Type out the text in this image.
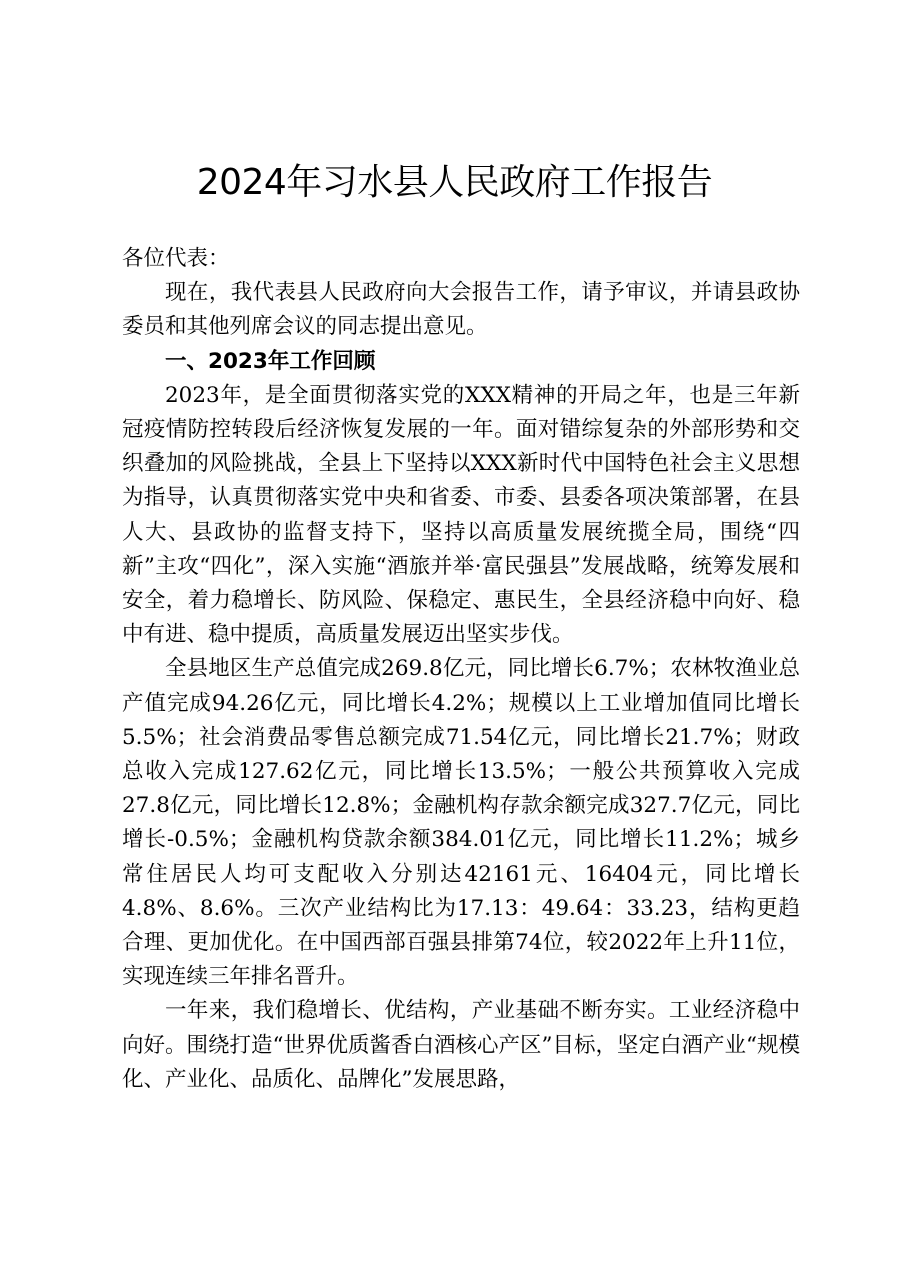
2024年习水县人民政府工作报告

各位代表：

现在，我代表县人民政府向大会报告工作，请予审议，并请县政协委员和其他列席会议的同志提出意见。

一、2023年工作回顾

2023年，是全面贯彻落实党的XXX精神的开局之年，也是三年新冠疫情防控转段后经济恢复发展的一年。面对错综复杂的外部形势和交织叠加的风险挑战，全县上下坚持以XXX新时代中国特色社会主义思想为指导，认真贯彻落实党中央和省委、市委、县委各项决策部署，在县人大、县政协的监督支持下，坚持以高质量发展统揽全局，围绕“四新”主攻“四化”，深入实施“酒旅并举·富民强县”发展战略，统筹发展和安全，着力稳增长、防风险、保稳定、惠民生，全县经济稳中向好、稳中有进、稳中提质，高质量发展迈出坚实步伐。

全县地区生产总值完成269.8亿元，同比增长6.7%；农林牧渔业总产值完成94.26亿元，同比增长4.2%；规模以上工业增加值同比增长5.5%；社会消费品零售总额完成71.54亿元，同比增长21.7%；财政总收入完成127.62亿元，同比增长13.5%；一般公共预算收入完成27.8亿元，同比增长12.8%；金融机构存款余额完成327.7亿元，同比增长-0.5%；金融机构贷款余额384.01亿元，同比增长11.2%；城乡常住居民人均可支配收入分别达42161元、16404元，同比增长4.8%、8.6%。三次产业结构比为17.13：49.64：33.23，结构更趋合理、更加优化。在中国西部百强县排第74位，较2022年上升11位，实现连续三年排名晋升。

一年来，我们稳增长、优结构，产业基础不断夯实。工业经济稳中向好。围绕打造“世界优质酱香白酒核心产区”目标，坚定白酒产业“规模化、产业化、品质化、品牌化”发展思路，
